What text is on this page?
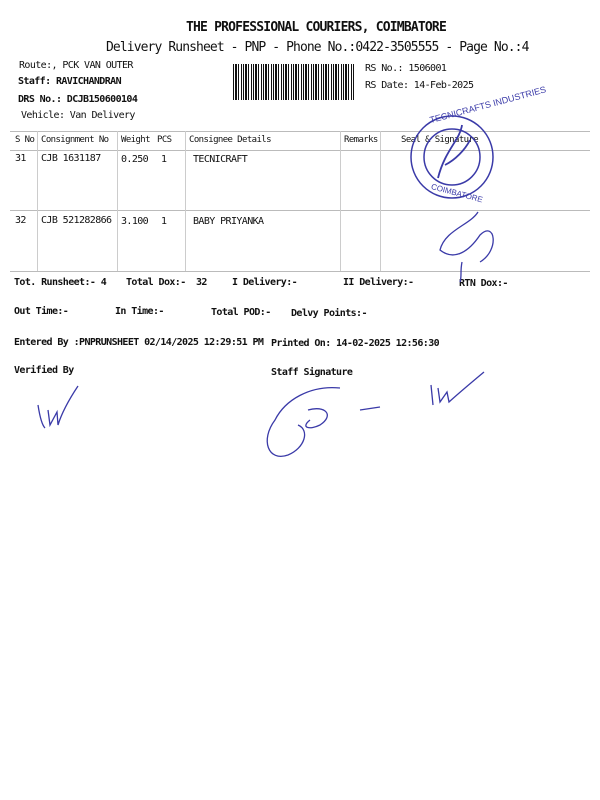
THE PROFESSIONAL COURIERS, COIMBATORE
Delivery Runsheet - PNP - Phone No.:0422-3505555 - Page No.:4
Route:, PCK VAN OUTER
Staff: RAVICHANDRAN
DRS No.: DCJB150600104
Vehicle: Van Delivery
RS No.: 1506001
RS Date: 14-Feb-2025
S No Consignment No Weight PCS Consignee Details	Remarks	Seal & Signature
31 CJB 1631187 0.250 1	TECNICRAFT
32 CJB 521282866 3.100 1	BABY PRIYANKA
Tot. Runsheet:- 4 Total Dox:- 32	I Delivery:-	II Delivery:-	RTN Dox:-
Out Time:-	In Time:-	Total POD:- Delvy Points:-
Entered By :PNPRUNSHEET 02/14/2025 12:29:51 PM Printed On: 14-02-2025 12:56:30
Verified By	Staff Signature
TECNICRAFTS INDUSTRIES
COIMBATORE
